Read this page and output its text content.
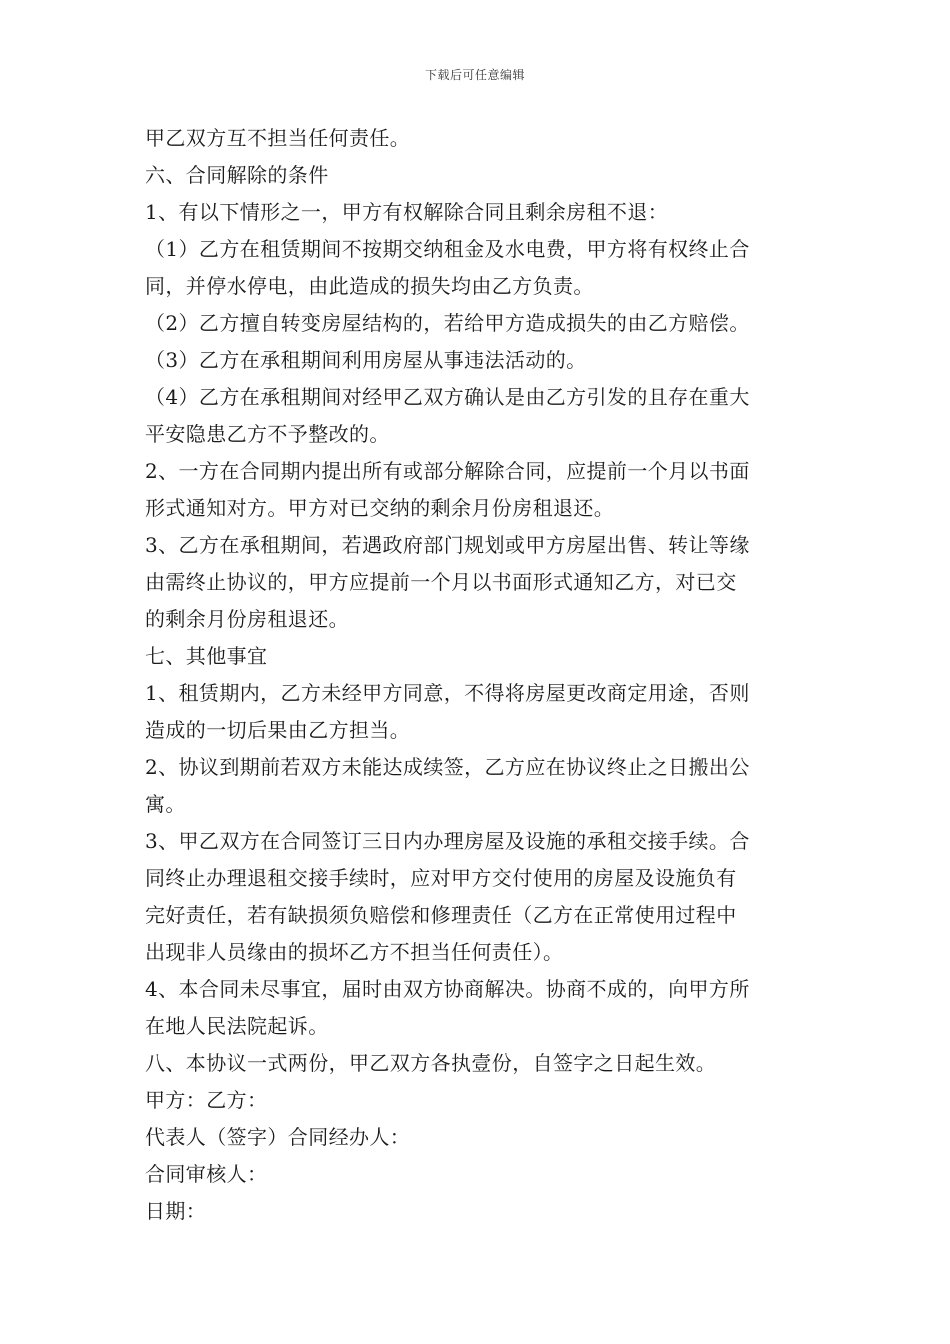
下载后可任意编辑
甲乙双方互不担当任何责任。
六、合同解除的条件
1、有以下情形之一，甲方有权解除合同且剩余房租不退：
（1）乙方在租赁期间不按期交纳租金及水电费，甲方将有权终止合
同，并停水停电，由此造成的损失均由乙方负责。
（2）乙方擅自转变房屋结构的，若给甲方造成损失的由乙方赔偿。
（3）乙方在承租期间利用房屋从事违法活动的。
（4）乙方在承租期间对经甲乙双方确认是由乙方引发的且存在重大
平安隐患乙方不予整改的。
2、一方在合同期内提出所有或部分解除合同，应提前一个月以书面
形式通知对方。甲方对已交纳的剩余月份房租退还。
3、乙方在承租期间，若遇政府部门规划或甲方房屋出售、转让等缘
由需终止协议的，甲方应提前一个月以书面形式通知乙方，对已交
的剩余月份房租退还。
七、其他事宜
1、租赁期内，乙方未经甲方同意，不得将房屋更改商定用途，否则
造成的一切后果由乙方担当。
2、协议到期前若双方未能达成续签，乙方应在协议终止之日搬出公
寓。
3、甲乙双方在合同签订三日内办理房屋及设施的承租交接手续。合
同终止办理退租交接手续时，应对甲方交付使用的房屋及设施负有
完好责任，若有缺损须负赔偿和修理责任（乙方在正常使用过程中
出现非人员缘由的损坏乙方不担当任何责任）。
4、本合同未尽事宜，届时由双方协商解决。协商不成的，向甲方所
在地人民法院起诉。
八、本协议一式两份，甲乙双方各执壹份，自签字之日起生效。
甲方：乙方：
代表人（签字）合同经办人：
合同审核人：
日期：
